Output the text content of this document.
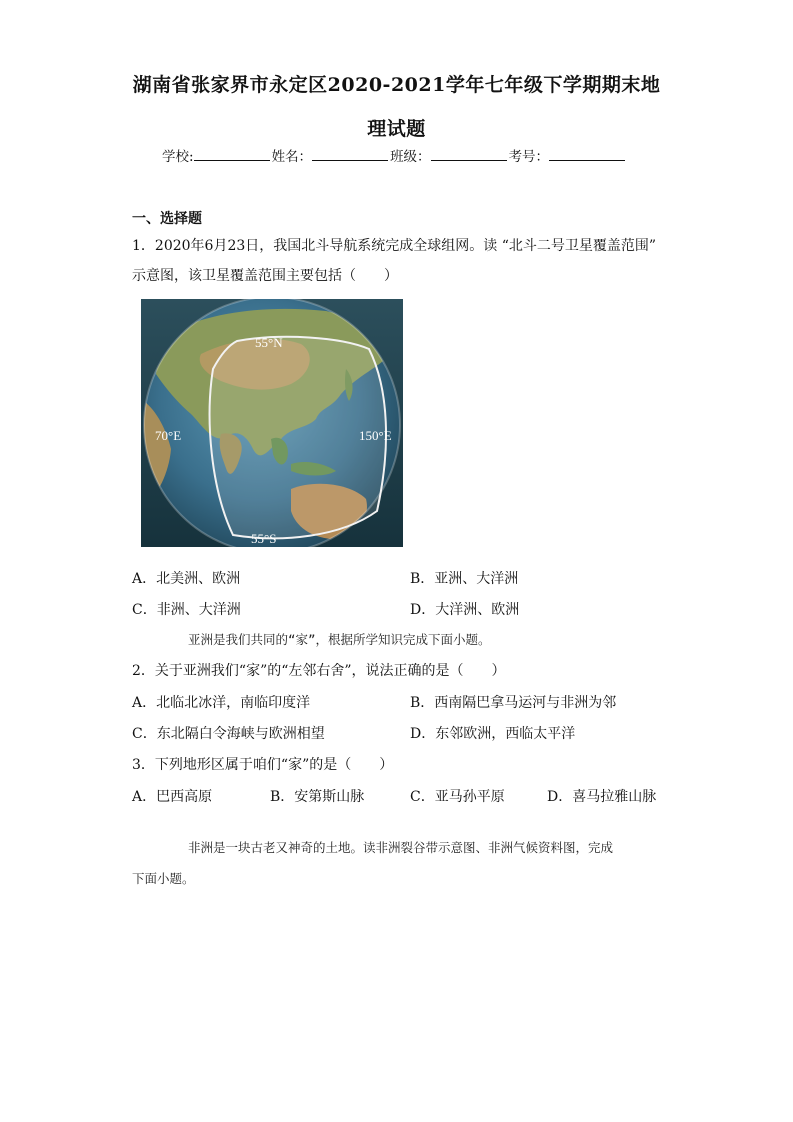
湖南省张家界市永定区2020-2021学年七年级下学期期末地
理试题
学校:	姓名：	班级：	考号：
一、选择题
1．2020年6月23日，我国北斗导航系统完成全球组网。读 “北斗二号卫星覆盖范围”
示意图，该卫星覆盖范围主要包括（　　）
55°N
70°E	150°E
55°S
A．北美洲、欧洲	B．亚洲、大洋洲
C．非洲、大洋洲	D．大洋洲、欧洲
亚洲是我们共同的“家”，根据所学知识完成下面小题。
2．关于亚洲我们“家”的“左邻右舍”，说法正确的是（　　）
A．北临北冰洋，南临印度洋	B．西南隔巴拿马运河与非洲为邻
C．东北隔白令海峡与欧洲相望	D．东邻欧洲，西临太平洋
3．下列地形区属于咱们“家”的是（　　）
A．巴西高原	B．安第斯山脉	C．亚马孙平原	D．喜马拉雅山脉
非洲是一块古老又神奇的土地。读非洲裂谷带示意图、非洲气候资料图，完成
下面小题。
